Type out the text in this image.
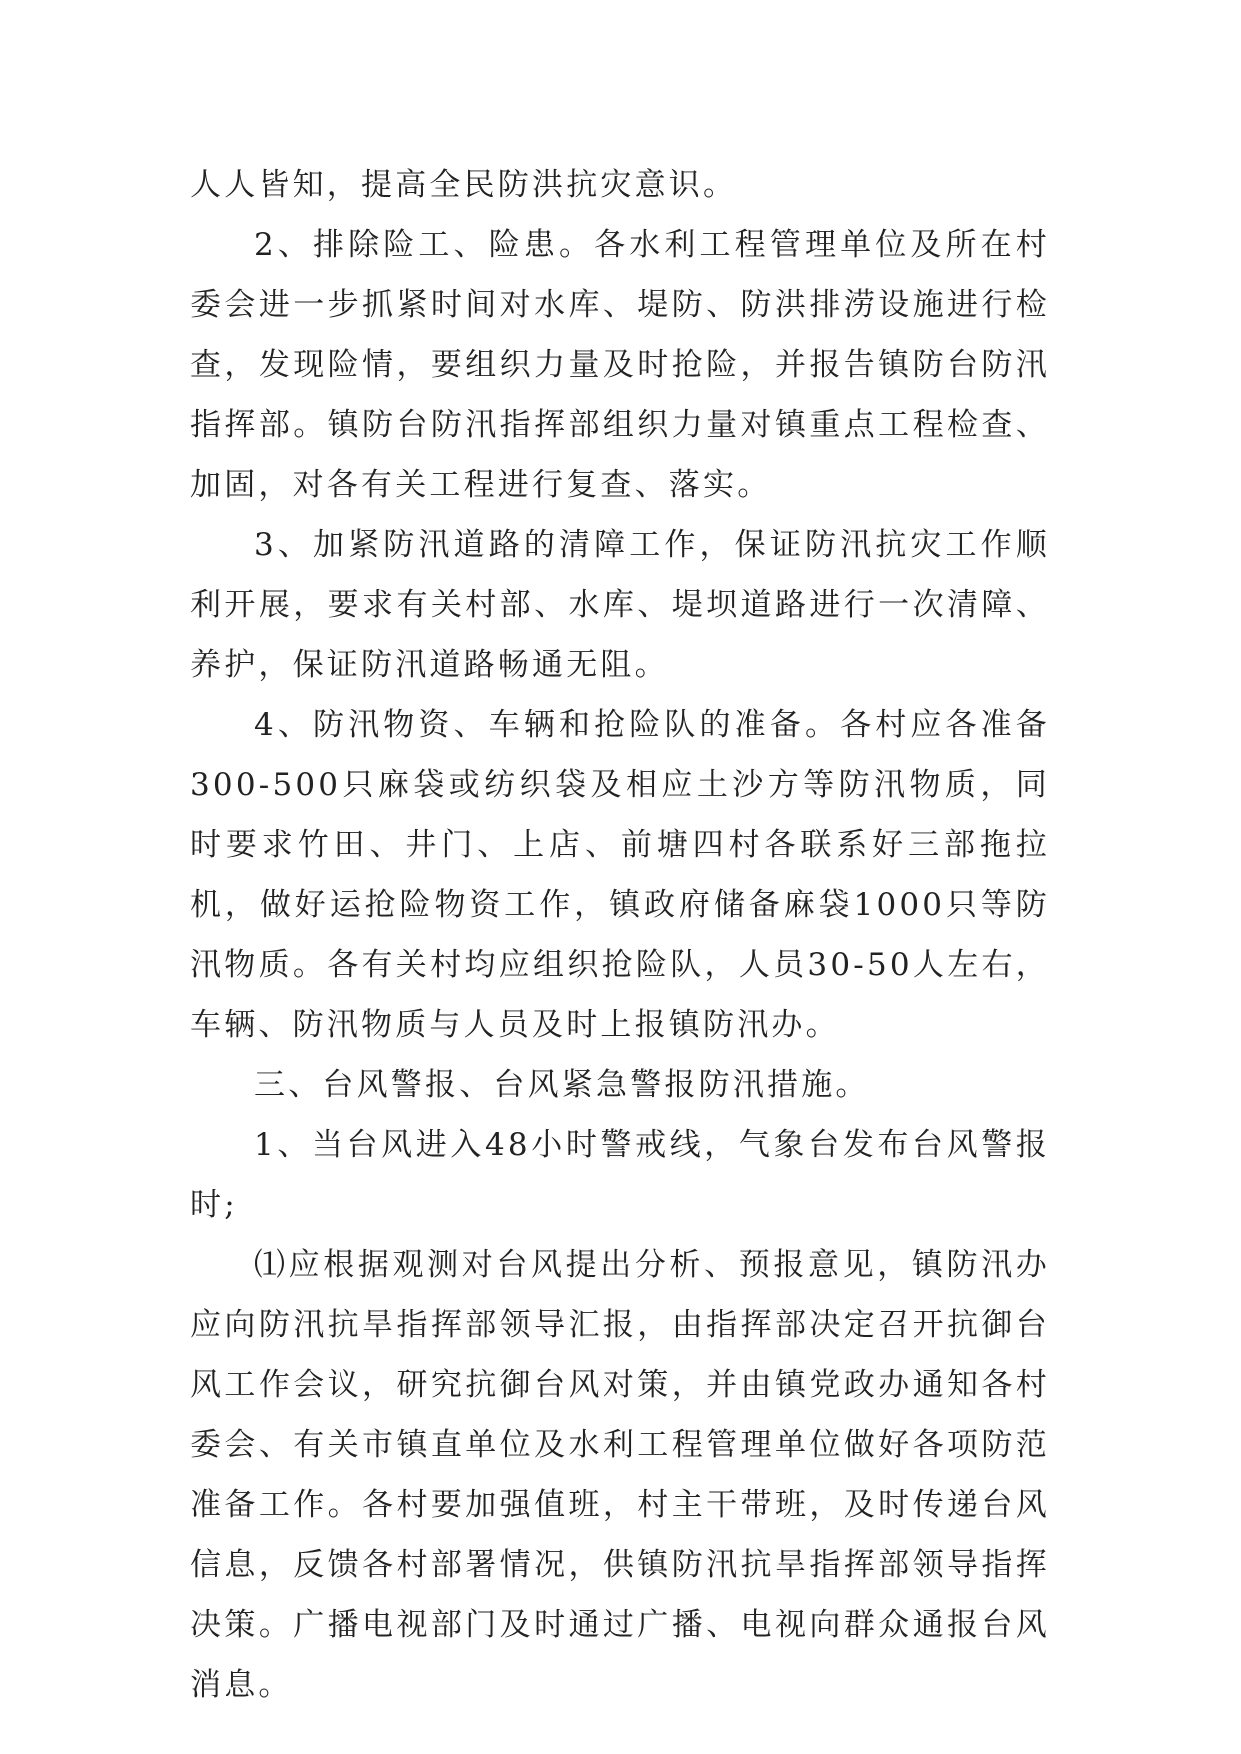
人人皆知，提高全民防洪抗灾意识。

2、排除险工、险患。各水利工程管理单位及所在村委会进一步抓紧时间对水库、堤防、防洪排涝设施进行检查，发现险情，要组织力量及时抢险，并报告镇防台防汛指挥部。镇防台防汛指挥部组织力量对镇重点工程检查、加固，对各有关工程进行复查、落实。

3、加紧防汛道路的清障工作，保证防汛抗灾工作顺利开展，要求有关村部、水库、堤坝道路进行一次清障、养护，保证防汛道路畅通无阻。

4、防汛物资、车辆和抢险队的准备。各村应各准备300-500只麻袋或纺织袋及相应土沙方等防汛物质，同时要求竹田、井门、上店、前塘四村各联系好三部拖拉机，做好运抢险物资工作，镇政府储备麻袋1000只等防汛物质。各有关村均应组织抢险队，人员30-50人左右，车辆、防汛物质与人员及时上报镇防汛办。

三、台风警报、台风紧急警报防汛措施。

1、当台风进入48小时警戒线，气象台发布台风警报时;

⑴应根据观测对台风提出分析、预报意见，镇防汛办应向防汛抗旱指挥部领导汇报，由指挥部决定召开抗御台风工作会议，研究抗御台风对策，并由镇党政办通知各村委会、有关市镇直单位及水利工程管理单位做好各项防范准备工作。各村要加强值班，村主干带班，及时传递台风信息，反馈各村部署情况，供镇防汛抗旱指挥部领导指挥决策。广播电视部门及时通过广播、电视向群众通报台风消息。
